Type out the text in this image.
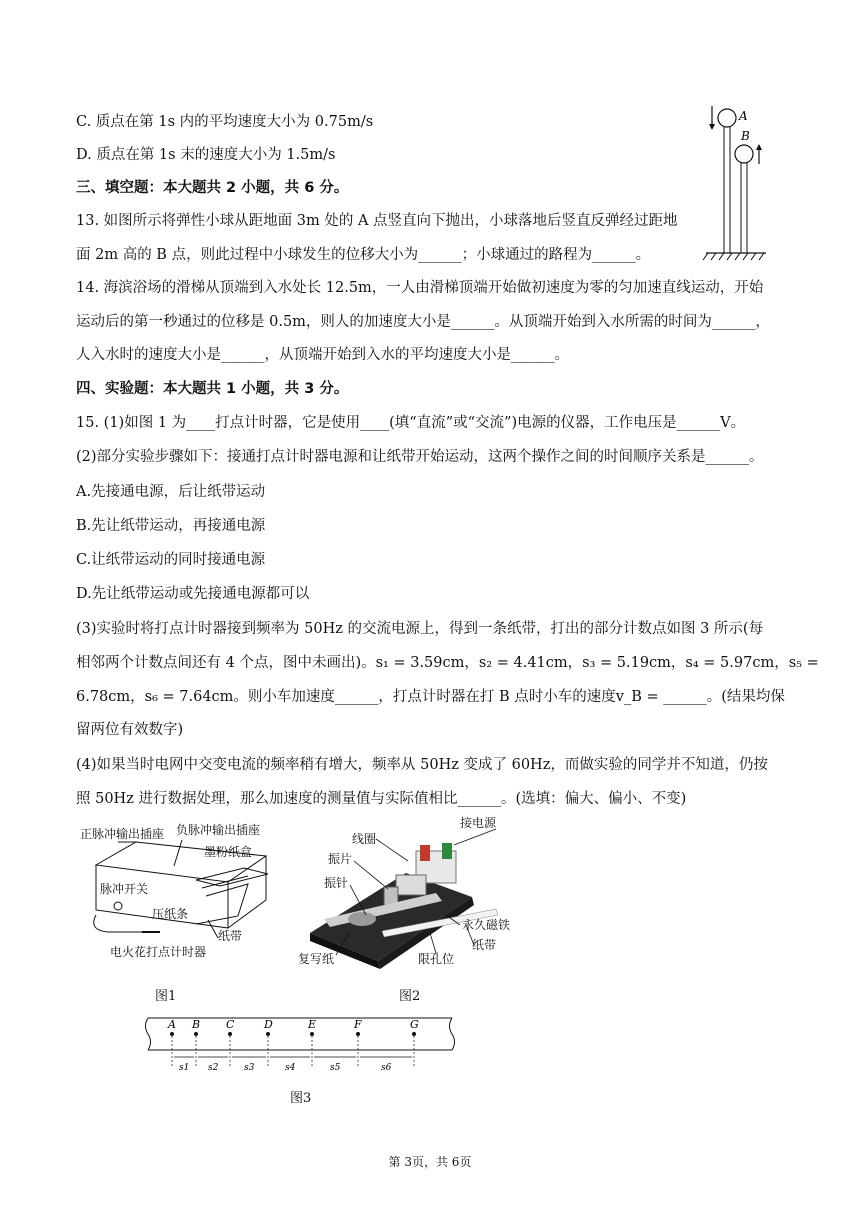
C. 质点在第 1s 内的平均速度大小为 0.75m/s
D. 质点在第 1s 末的速度大小为 1.5m/s
三、填空题：本大题共 2 小题，共 6 分。
13. 如图所示将弹性小球从距地面 3m 处的 A 点竖直向下抛出，小球落地后竖直反弹经过距地
面 2m 高的 B 点，则此过程中小球发生的位移大小为______；小球通过的路程为______。
14. 海滨浴场的滑梯从顶端到入水处长 12.5m，一人由滑梯顶端开始做初速度为零的匀加速直线运动，开始
运动后的第一秒通过的位移是 0.5m，则人的加速度大小是______。从顶端开始到入水所需的时间为______，
人入水时的速度大小是______，从顶端开始到入水的平均速度大小是______。
四、实验题：本大题共 1 小题，共 3 分。
15. (1)如图 1 为____打点计时器，它是使用____(填“直流”或“交流”)电源的仪器，工作电压是______V。
(2)部分实验步骤如下：接通打点计时器电源和让纸带开始运动，这两个操作之间的时间顺序关系是______。
A.先接通电源，后让纸带运动
B.先让纸带运动，再接通电源
C.让纸带运动的同时接通电源
D.先让纸带运动或先接通电源都可以
(3)实验时将打点计时器接到频率为 50Hz 的交流电源上，得到一条纸带，打出的部分计数点如图 3 所示(每
相邻两个计数点间还有 4 个点，图中未画出)。s₁ = 3.59cm，s₂ = 4.41cm，s₃ = 5.19cm，s₄ = 5.97cm，s₅ =
6.78cm，s₆ = 7.64cm。则小车加速度______，打点计时器在打 B 点时小车的速度v_B = ______。(结果均保
留两位有效数字)
(4)如果当时电网中交变电流的频率稍有增大，频率从 50Hz 变成了 60Hz，而做实验的同学并不知道，仍按
照 50Hz 进行数据处理，那么加速度的测量值与实际值相比______。(选填：偏大、偏小、不变)
A
B
正脉冲输出插座 负脉冲输出插座
墨粉纸盒
脉冲开关
压纸条
纸带
电火花打点计时器
图1
线圈
接电源
振片
振针
永久磁铁
复写纸	限孔位
纸带
图2
A B C	D	E	F	G
s1 s2	s3	s4	s5	s6
图3
第 3页，共 6页
